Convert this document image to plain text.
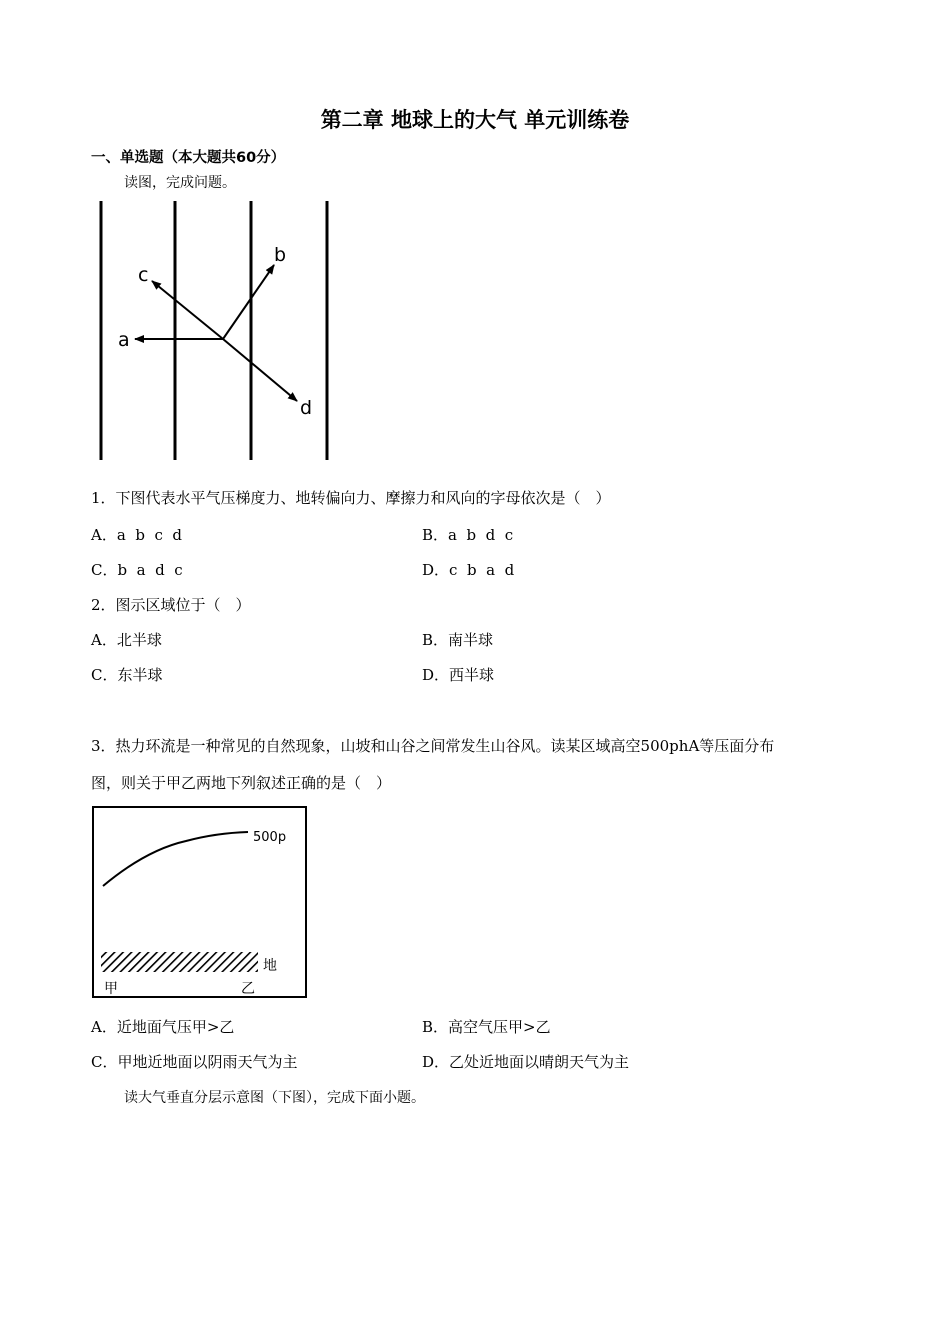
第二章 地球上的大气 单元训练卷
一、单选题（本大题共60分）
读图，完成问题。
a
b
c
d
1．下图代表水平气压梯度力、地转偏向力、摩擦力和风向的字母依次是（　）
A．a  b  c  d	B．a  b  d  c
C．b  a  d  c	D．c  b  a  d
2．图示区域位于（　）
A．北半球	B．南半球
C．东半球	D．西半球
3．热力环流是一种常见的自然现象，山坡和山谷之间常发生山谷风。读某区域高空500phA等压面分布
图，则关于甲乙两地下列叙述正确的是（　）
500p
地
甲	乙
A．近地面气压甲>乙	B．高空气压甲>乙
C．甲地近地面以阴雨天气为主	D．乙处近地面以晴朗天气为主
读大气垂直分层示意图（下图），完成下面小题。
